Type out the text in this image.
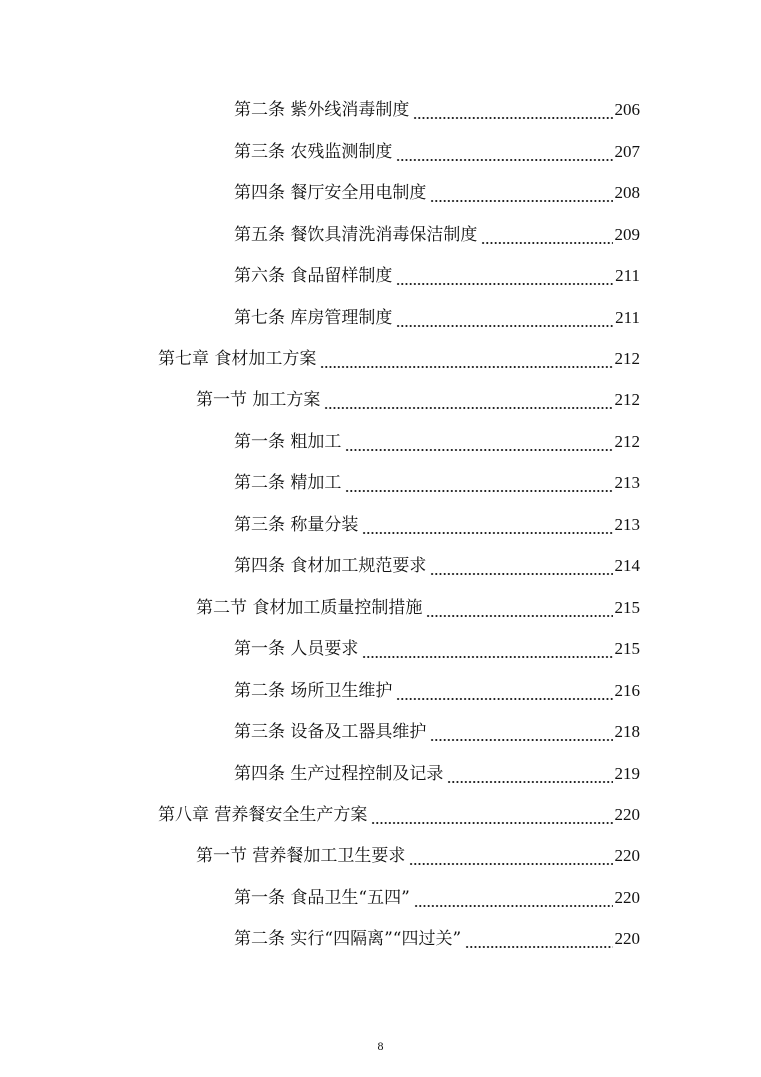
第二条 紫外线消毒制度	206
第三条 农残监测制度	207
第四条 餐厅安全用电制度	208
第五条 餐饮具清洗消毒保洁制度	209
第六条 食品留样制度	211
第七条 库房管理制度	211
第七章 食材加工方案	212
第一节 加工方案	212
第一条 粗加工	212
第二条 精加工	213
第三条 称量分装	213
第四条 食材加工规范要求	214
第二节 食材加工质量控制措施	215
第一条 人员要求	215
第二条 场所卫生维护	216
第三条 设备及工器具维护	218
第四条 生产过程控制及记录	219
第八章 营养餐安全生产方案	220
第一节 营养餐加工卫生要求	220
第一条 食品卫生“五四”	220
第二条 实行“四隔离”“四过关”	220
8
